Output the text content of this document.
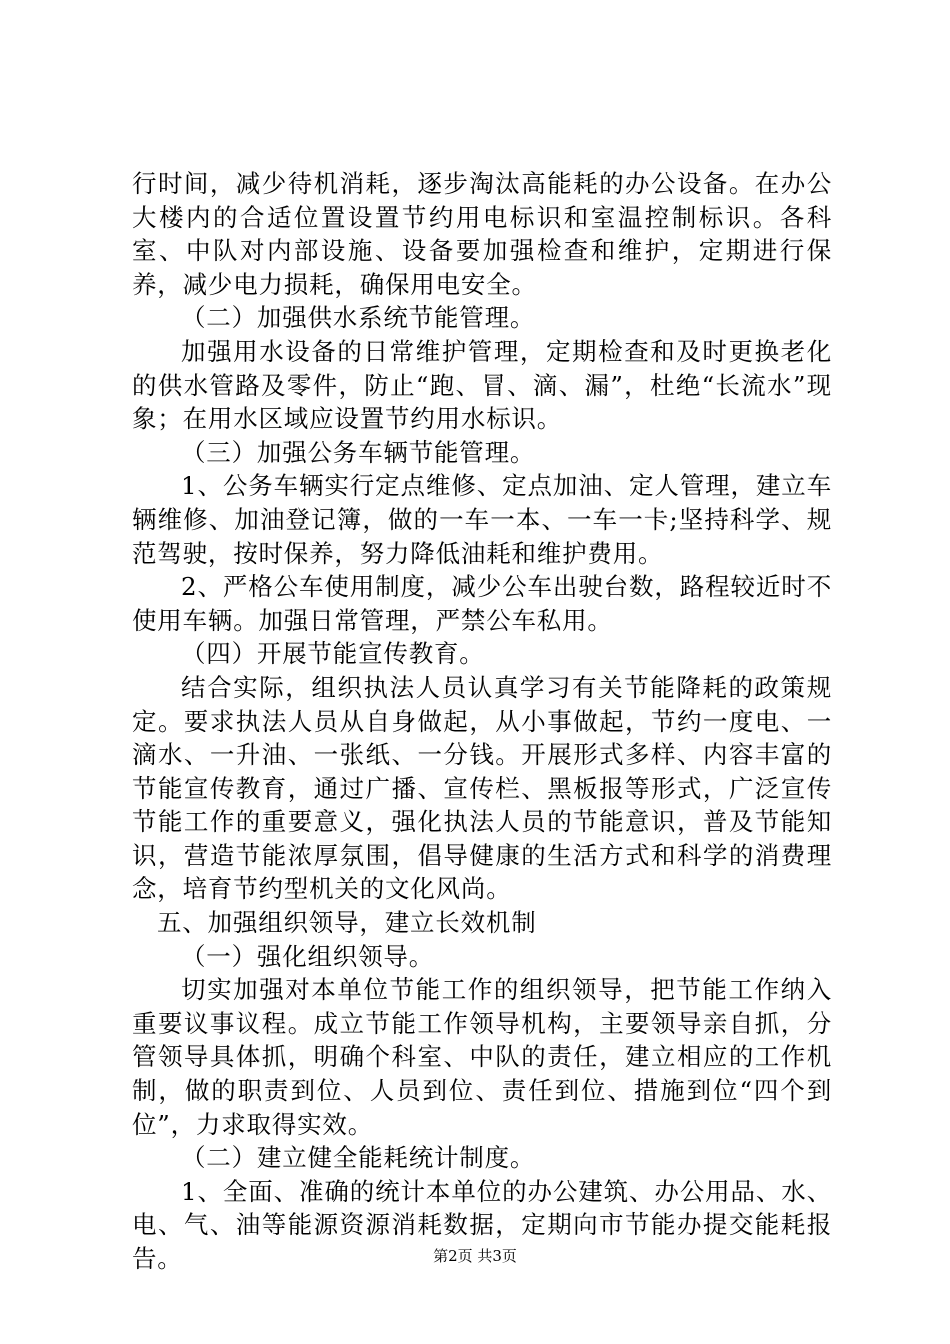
行时间，减少待机消耗，逐步淘汰高能耗的办公设备。在办公大楼内的合适位置设置节约用电标识和室温控制标识。各科室、中队对内部设施、设备要加强检查和维护，定期进行保养，减少电力损耗，确保用电安全。

（二）加强供水系统节能管理。

加强用水设备的日常维护管理，定期检查和及时更换老化的供水管路及零件，防止“跑、冒、滴、漏”，杜绝“长流水”现象；在用水区域应设置节约用水标识。

（三）加强公务车辆节能管理。

1、公务车辆实行定点维修、定点加油、定人管理，建立车辆维修、加油登记簿，做的一车一本、一车一卡;坚持科学、规范驾驶，按时保养，努力降低油耗和维护费用。

2、严格公车使用制度，减少公车出驶台数，路程较近时不使用车辆。加强日常管理，严禁公车私用。

（四）开展节能宣传教育。

结合实际，组织执法人员认真学习有关节能降耗的政策规定。要求执法人员从自身做起，从小事做起，节约一度电、一滴水、一升油、一张纸、一分钱。开展形式多样、内容丰富的节能宣传教育，通过广播、宣传栏、黑板报等形式，广泛宣传节能工作的重要意义，强化执法人员的节能意识，普及节能知识，营造节能浓厚氛围，倡导健康的生活方式和科学的消费理念，培育节约型机关的文化风尚。

五、加强组织领导，建立长效机制

（一）强化组织领导。

切实加强对本单位节能工作的组织领导，把节能工作纳入重要议事议程。成立节能工作领导机构，主要领导亲自抓，分管领导具体抓，明确个科室、中队的责任，建立相应的工作机制，做的职责到位、人员到位、责任到位、措施到位“四个到位”，力求取得实效。

（二）建立健全能耗统计制度。

1、全面、准确的统计本单位的办公建筑、办公用品、水、电、气、油等能源资源消耗数据，定期向市节能办提交能耗报告。	第2页 共3页
